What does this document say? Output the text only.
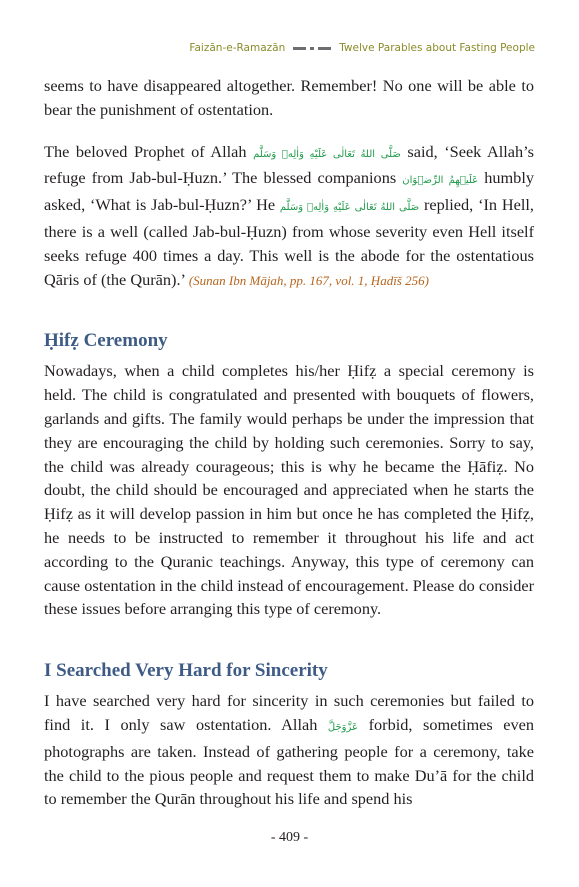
Faizān-e-Ramazān	Twelve Parables about Fasting People

seems to have disappeared altogether. Remember! No one will be able to bear the punishment of ostentation.

The beloved Prophet of Allah صَلَّى اللهُ تَعَالٰى عَلَيْهِ وَاٰلِهٖ وَسَلَّم said, ‘Seek Allah’s refuge from Jab-bul-Ḥuzn.’ The blessed companions عَلَيۡهِمُ الرِّضۡوَان humbly asked, ‘What is Jab-bul-Ḥuzn?’ He صَلَّى اللهُ تَعَالٰى عَلَيْهِ وَاٰلِهٖ وَسَلَّم replied, ‘In Hell, there is a well (called Jab-bul-Ḥuzn) from whose severity even Hell itself seeks refuge 400 times a day. This well is the abode for the ostentatious Qāris of (the Qurān).’ (Sunan Ibn Mājah, pp. 167, vol. 1, Ḥadīš 256)

Ḥifẓ Ceremony

Nowadays, when a child completes his/her Ḥifẓ a special ceremony is held. The child is congratulated and presented with bouquets of flowers, garlands and gifts. The family would perhaps be under the impression that they are encouraging the child by holding such ceremonies. Sorry to say, the child was already courageous; this is why he became the Ḥāfiẓ. No doubt, the child should be encouraged and appreciated when he starts the Ḥifẓ as it will develop passion in him but once he has completed the Ḥifẓ, he needs to be instructed to remember it throughout his life and act according to the Quranic teachings. Anyway, this type of ceremony can cause ostentation in the child instead of encouragement. Please do consider these issues before arranging this type of ceremony.

I Searched Very Hard for Sincerity

I have searched very hard for sincerity in such ceremonies but failed to find it. I only saw ostentation. Allah عَزَّوَجَلَّ forbid, sometimes even photographs are taken. Instead of gathering people for a ceremony, take the child to the pious people and request them to make Du’ā for the child to remember the Qurān throughout his life and spend his

- 409 -
